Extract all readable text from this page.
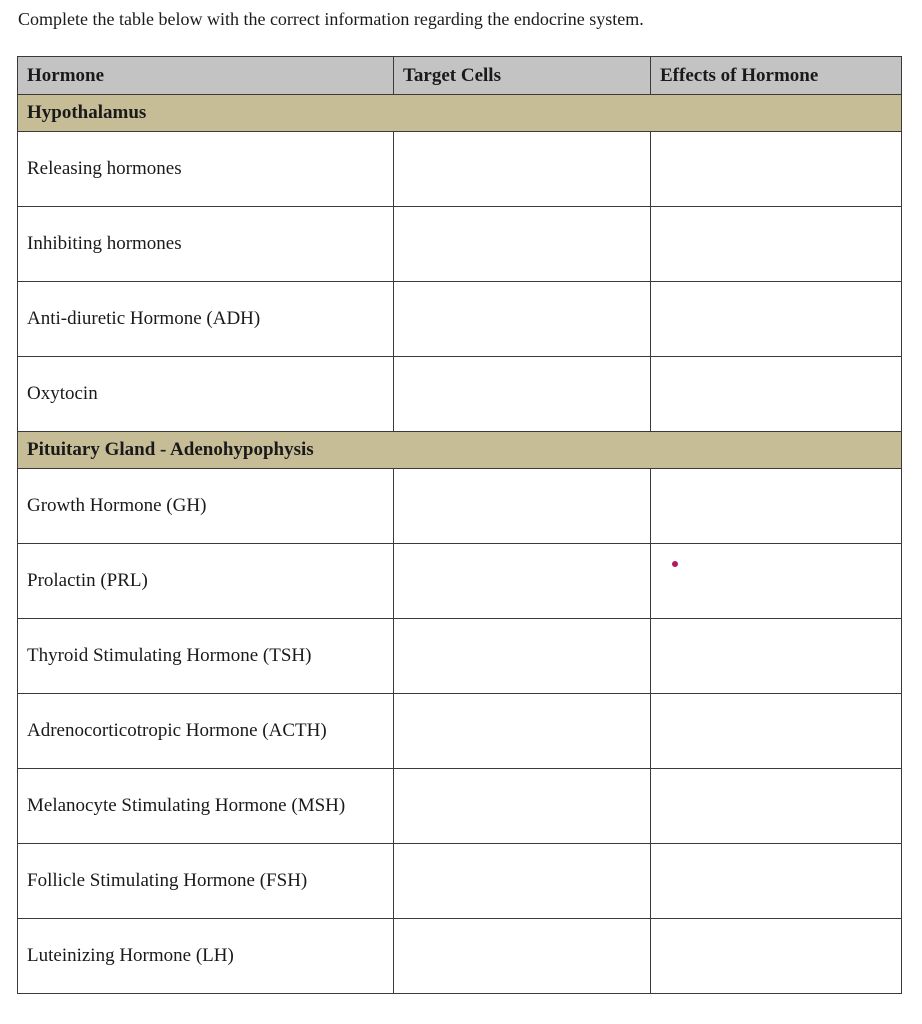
Complete the table below with the correct information regarding the endocrine system.

Hormone	Target Cells	Effects of Hormone
Hypothalamus		
Releasing hormones		
Inhibiting hormones		
Anti-diuretic Hormone (ADH)		
Oxytocin		
Pituitary Gland - Adenohypophysis		
Growth Hormone (GH)		
Prolactin (PRL)		

Thyroid Stimulating Hormone (TSH)		
Adrenocorticotropic Hormone (ACTH)		
Melanocyte Stimulating Hormone (MSH)		
Follicle Stimulating Hormone (FSH)		
Luteinizing Hormone (LH)		
